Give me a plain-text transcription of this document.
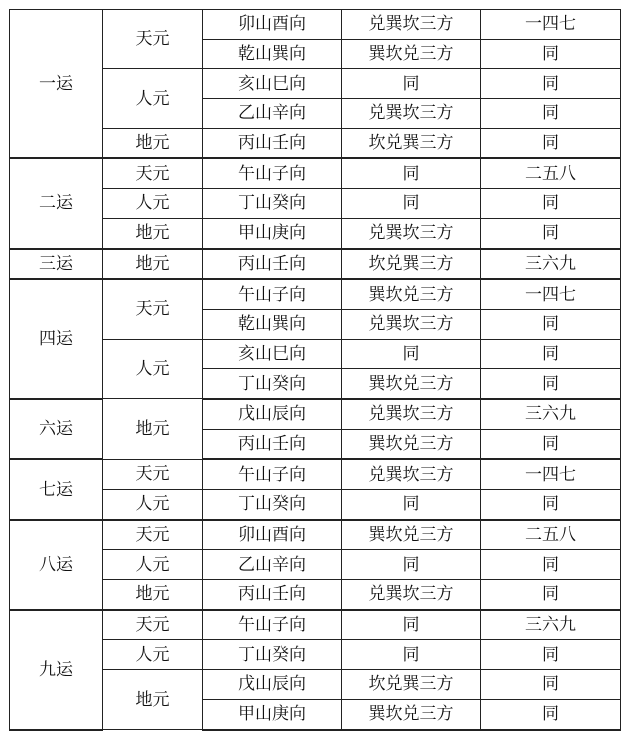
一运	天元	卯山酉向	兑巽坎三方	一四七
		乾山巽向	巽坎兑三方	同
	人元	亥山巳向	同	同
		乙山辛向	兑巽坎三方	同
	地元	丙山壬向	坎兑巽三方	同
二运	天元	午山子向	同	二五八
	人元	丁山癸向	同	同
	地元	甲山庚向	兑巽坎三方	同
三运	地元	丙山壬向	坎兑巽三方	三六九
四运	天元	午山子向	巽坎兑三方	一四七
		乾山巽向	兑巽坎三方	同
	人元	亥山巳向	同	同
		丁山癸向	巽坎兑三方	同
六运	地元	戊山辰向	兑巽坎三方	三六九
		丙山壬向	巽坎兑三方	同
七运	天元	午山子向	兑巽坎三方	一四七
	人元	丁山癸向	同	同
八运	天元	卯山酉向	巽坎兑三方	二五八
	人元	乙山辛向	同	同
	地元	丙山壬向	兑巽坎三方	同
九运	天元	午山子向	同	三六九
	人元	丁山癸向	同	同
	地元	戊山辰向	坎兑巽三方	同
		甲山庚向	巽坎兑三方	同
